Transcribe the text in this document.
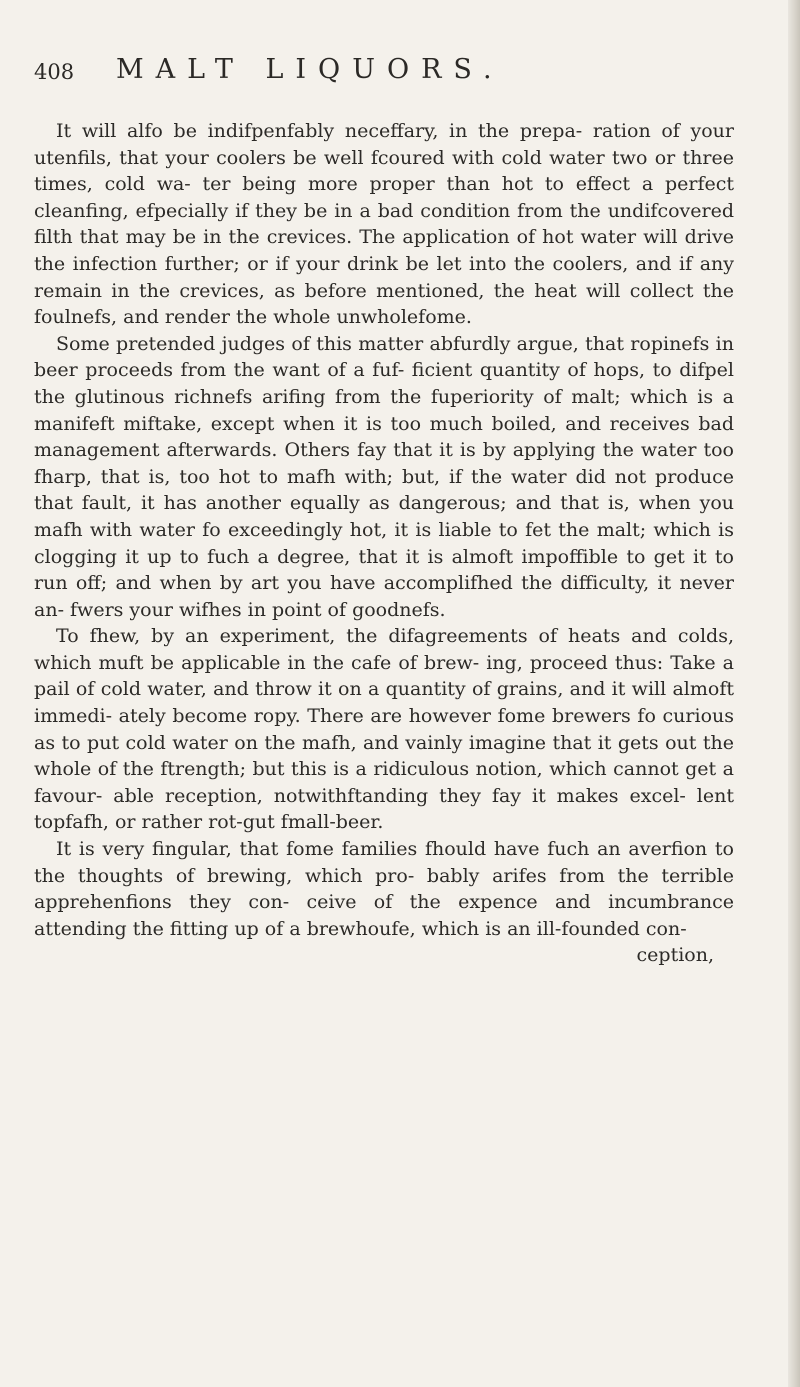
408 MALT LIQUORS.

It will alfo be indifpenfably neceffary, in the prepa- ration of your utenfils, that your coolers be well fcoured with cold water two or three times, cold wa- ter being more proper than hot to effect a perfect cleanfing, efpecially if they be in a bad condition from the undifcovered filth that may be in the crevices. The application of hot water will drive the infection further; or if your drink be let into the coolers, and if any remain in the crevices, as before mentioned, the heat will collect the foulnefs, and render the whole unwholefome.

Some pretended judges of this matter abfurdly argue, that ropinefs in beer proceeds from the want of a fuf- ficient quantity of hops, to difpel the glutinous richnefs arifing from the fuperiority of malt; which is a manifeft miftake, except when it is too much boiled, and receives bad management afterwards. Others fay that it is by applying the water too fharp, that is, too hot to mafh with; but, if the water did not produce that fault, it has another equally as dangerous; and that is, when you mafh with water fo exceedingly hot, it is liable to fet the malt; which is clogging it up to fuch a degree, that it is almoft impoffible to get it to run off; and when by art you have accomplifhed the difficulty, it never an- fwers your wifhes in point of goodnefs.

To fhew, by an experiment, the difagreements of heats and colds, which muft be applicable in the cafe of brew- ing, proceed thus: Take a pail of cold water, and throw it on a quantity of grains, and it will almoft immedi- ately become ropy. There are however fome brewers fo curious as to put cold water on the mafh, and vainly imagine that it gets out the whole of the ftrength; but this is a ridiculous notion, which cannot get a favour- able reception, notwithftanding they fay it makes excel- lent topfafh, or rather rot-gut fmall-beer.

It is very fingular, that fome families fhould have fuch an averfion to the thoughts of brewing, which pro- bably arifes from the terrible apprehenfions they con- ceive of the expence and incumbrance attending the fitting up of a brewhoufe, which is an ill-founded con-

ception,
